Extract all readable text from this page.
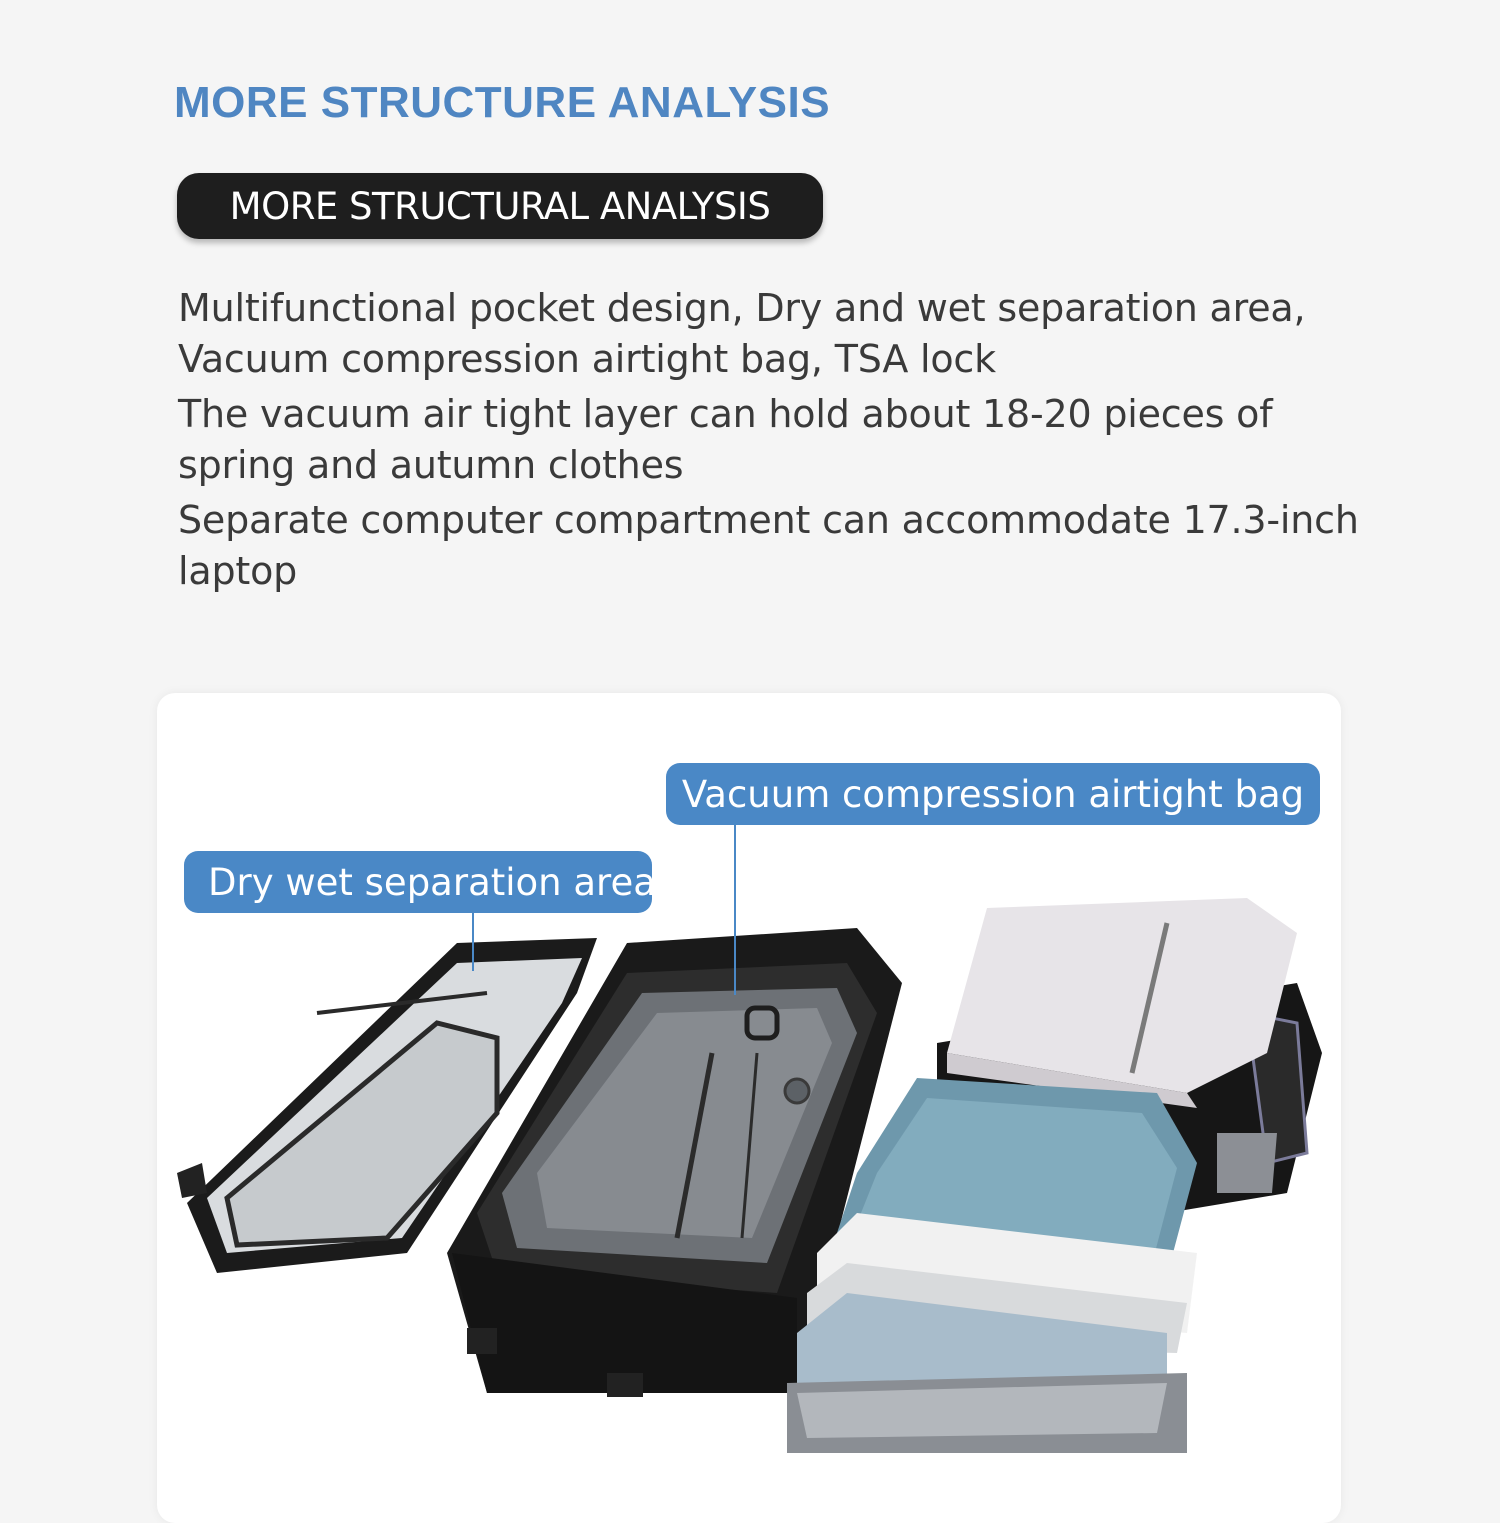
MORE STRUCTURE ANALYSIS
MORE STRUCTURAL ANALYSIS

Multifunctional pocket design, Dry and wet separation area, Vacuum compression airtight bag, TSA lock

The vacuum air tight layer can hold about 18-20 pieces of spring and autumn clothes

Separate computer compartment can accommodate 17.3-inch laptop

Vacuum compression airtight bag
Dry wet separation area
